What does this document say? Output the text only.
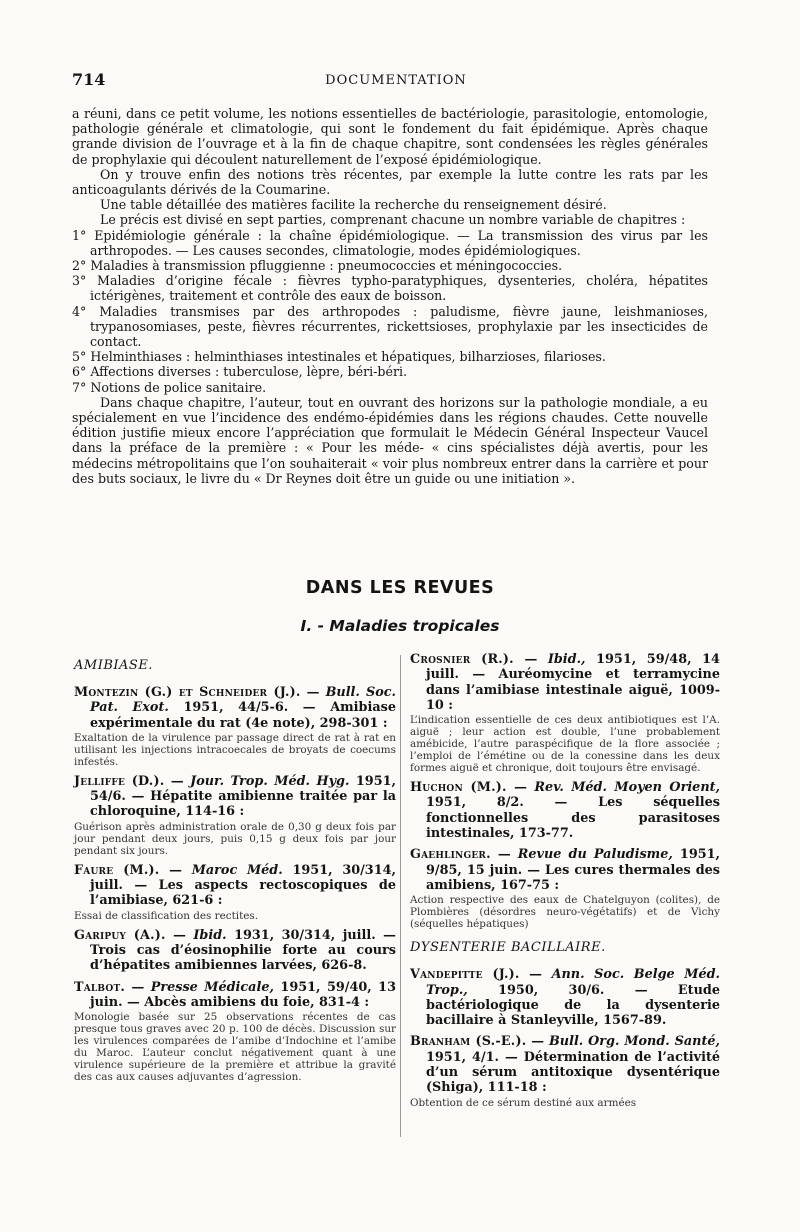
714	DOCUMENTATION

a réuni, dans ce petit volume, les notions essentielles de bactériologie, parasitologie, entomologie, pathologie générale et climatologie, qui sont le fondement du fait épidémique. Après chaque grande division de l’ouvrage et à la fin de chaque chapitre, sont condensées les règles générales de prophylaxie qui découlent naturellement de l’exposé épidémiologique.

On y trouve enfin des notions très récentes, par exemple la lutte contre les rats par les anticoagulants dérivés de la Coumarine.

Une table détaillée des matières facilite la recherche du renseignement désiré.

Le précis est divisé en sept parties, comprenant chacune un nombre variable de chapitres :

1° Epidémiologie générale : la chaîne épidémiologique. — La transmission des virus par les arthropodes. — Les causes secondes, climatologie, modes épidémiologiques.

2° Maladies à transmission pfluggienne : pneumococcies et méningococcies.

3° Maladies d’origine fécale : fièvres typho-paratyphiques, dysenteries, choléra, hépatites ictérigènes, traitement et contrôle des eaux de boisson.

4° Maladies transmises par des arthropodes : paludisme, fièvre jaune, leishmanioses, trypanosomiases, peste, fièvres récurrentes, rickettsioses, prophylaxie par les insecticides de contact.

5° Helminthiases : helminthiases intestinales et hépatiques, bilharzioses, filarioses.

6° Affections diverses : tuberculose, lèpre, béri-béri.

7° Notions de police sanitaire.

Dans chaque chapitre, l’auteur, tout en ouvrant des horizons sur la pathologie mondiale, a eu spécialement en vue l’incidence des endémo-épidémies dans les régions chaudes. Cette nouvelle édition justifie mieux encore l’appréciation que formulait le Médecin Général Inspecteur Vaucel dans la préface de la première : « Pour les méde- « cins spécialistes déjà avertis, pour les médecins métropolitains que l’on souhaiterait « voir plus nombreux entrer dans la carrière et pour des buts sociaux, le livre du « Dr Reynes doit être un guide ou une initiation ».

DANS LES REVUES
I. - Maladies tropicales
AMIBIASE.

Montezin (G.) et Schneider (J.). — Bull. Soc. Pat. Exot. 1951, 44/5-6. — Amibiase expérimentale du rat (4e note), 298-301 :

Exaltation de la virulence par passage direct de rat à rat en utilisant les injections intracoecales de broyats de coecums infestés.

Jelliffe (D.). — Jour. Trop. Méd. Hyg. 1951, 54/6. — Hépatite amibienne traitée par la chloroquine, 114-16 :

Guérison après administration orale de 0,30 g deux fois par jour pendant deux jours, puis 0,15 g deux fois par jour pendant six jours.

Faure (M.). — Maroc Méd. 1951, 30/314, juill. — Les aspects rectoscopiques de l’amibiase, 621-6 :

Essai de classification des rectites.

Garipuy (A.). — Ibid. 1931, 30/314, juill. — Trois cas d’éosinophilie forte au cours d’hépatites amibiennes larvées, 626-8.

Talbot. — Presse Médicale, 1951, 59/40, 13 juin. — Abcès amibiens du foie, 831-4 :

Monologie basée sur 25 observations récentes de cas presque tous graves avec 20 p. 100 de décès. Discussion sur les virulences comparées de l’amibe d’Indochine et l’amibe du Maroc. L’auteur conclut négativement quant à une virulence supérieure de la première et attribue la gravité des cas aux causes adjuvantes d’agression.

Crosnier (R.). — Ibid., 1951, 59/48, 14 juill. — Auréomycine et terramycine dans l’amibiase intestinale aiguë, 1009-10 :

L’indication essentielle de ces deux antibiotiques est l’A. aiguë ; leur action est double, l’une probablement amébicide, l’autre paraspécifique de la flore associée ; l’emploi de l’émétine ou de la conessine dans les deux formes aiguë et chronique, doit toujours être envisagé.

Huchon (M.). — Rev. Méd. Moyen Orient, 1951, 8/2. — Les séquelles fonctionnelles des parasitoses intestinales, 173-77.

Gaehlinger. — Revue du Paludisme, 1951, 9/85, 15 juin. — Les cures thermales des amibiens, 167-75 :

Action respective des eaux de Chatelguyon (colites), de Plombières (désordres neuro-végétatifs) et de Vichy (séquelles hépatiques)

DYSENTERIE BACILLAIRE.

Vandepitte (J.). — Ann. Soc. Belge Méd. Trop., 1950, 30/6. — Etude bactériologique de la dysenterie bacillaire à Stanleyville, 1567-89.

Branham (S.-E.). — Bull. Org. Mond. Santé, 1951, 4/1. — Détermination de l’activité d’un sérum antitoxique dysentérique (Shiga), 111-18 :

Obtention de ce sérum destiné aux armées
